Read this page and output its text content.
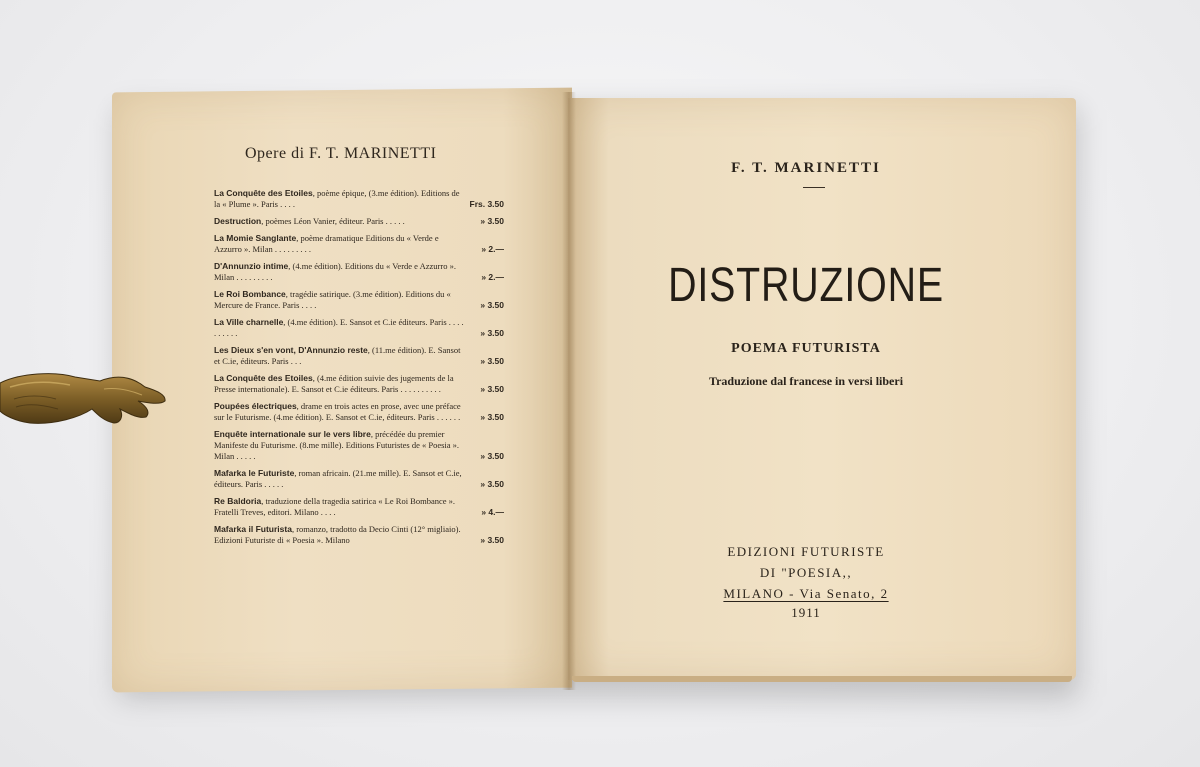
Opere di F. T. MARINETTI
La Conquête des Etoiles, poème épique, (3.me édition). Editions de la « Plume ». Paris . . . .	Frs. 3.50
Destruction, poèmes Léon Vanier, éditeur. Paris . . . . .	» 3.50
La Momie Sanglante, poème dramatique Editions du « Verde e Azzurro ». Milan . . . . . . . . .	» 2.—
D'Annunzio intime, (4.me édition). Editions du « Verde e Azzurro ». Milan . . . . . . . . .	» 2.—
Le Roi Bombance, tragédie satirique. (3.me édition). Editions du « Mercure de France. Paris . . . .	» 3.50
La Ville charnelle, (4.me édition). E. Sansot et C.ie éditeurs. Paris . . . . . . . . . .	» 3.50
Les Dieux s'en vont, D'Annunzio reste, (11.me édition). E. Sansot et C.ie, éditeurs. Paris . . .	» 3.50
La Conquête des Etoiles, (4.me édition suivie des jugements de la Presse internationale). E. Sansot et C.ie éditeurs. Paris . . . . . . . . . .	» 3.50
Poupées électriques, drame en trois actes en prose, avec une préface sur le Futurisme. (4.me édition). E. Sansot et C.ie, éditeurs. Paris . . . . . . » 3.50
Enquête internationale sur le vers libre, précédée du premier Manifeste du Futurisme. (8.me mille). Editions Futuristes de « Poesia ». Milan . . . . .	» 3.50
Mafarka le Futuriste, roman africain. (21.me mille). E. Sansot et C.ie, éditeurs. Paris . . . . .	» 3.50
Re Baldoria, traduzione della tragedia satirica « Le Roi Bombance ». Fratelli Treves, editori. Milano . . . .	» 4.—
Mafarka il Futurista, romanzo, tradotto da Decio Cinti (12° migliaio). Edizioni Futuriste di « Poesia ». Milano	» 3.50
F. T. MARINETTI
DISTRUZIONE
POEMA FUTURISTA
Traduzione dal francese in versi liberi
EDIZIONI FUTURISTE
DI "POESIA,,
MILANO - Via Senato, 2
1911
